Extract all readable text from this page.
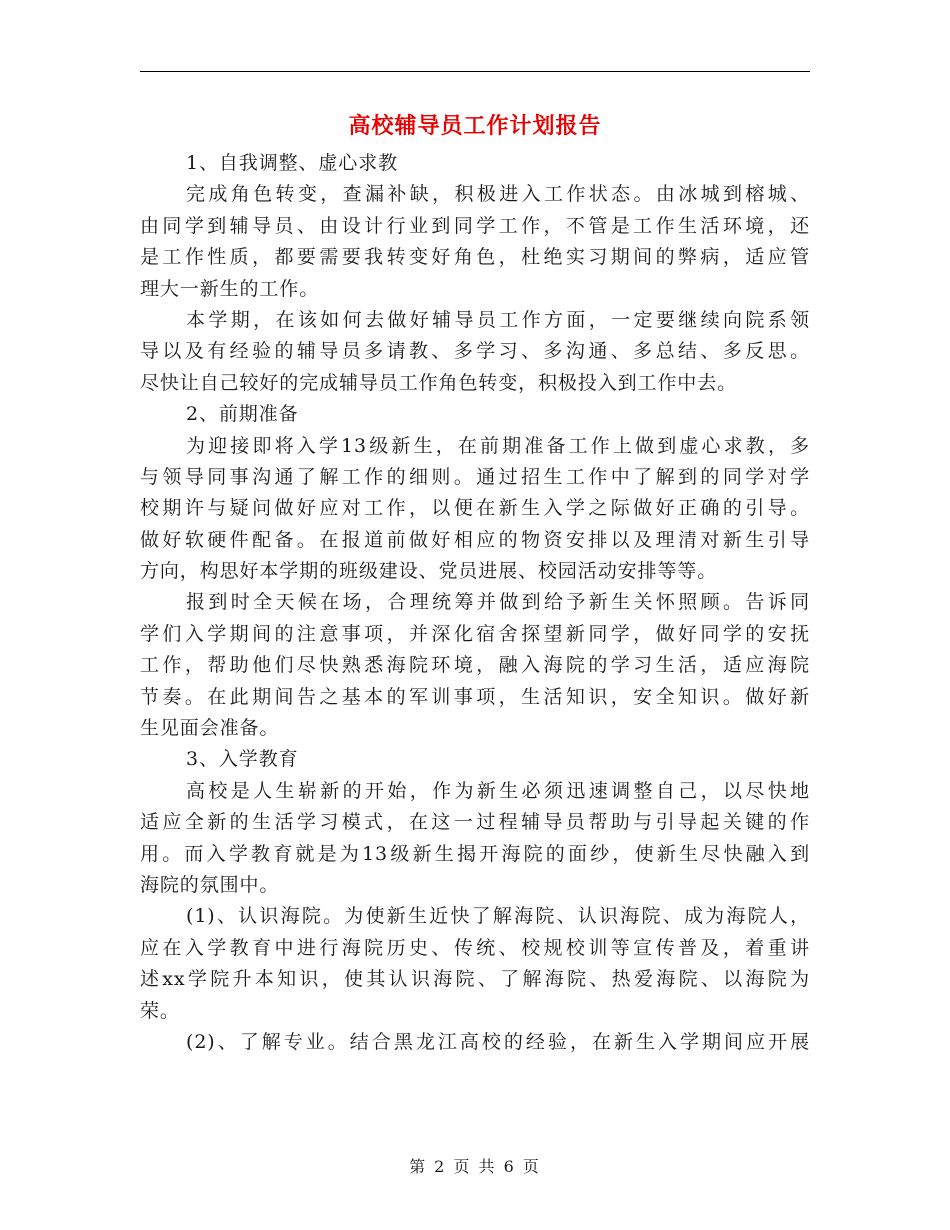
高校辅导员工作计划报告
1、自我调整、虚心求教
完成角色转变，查漏补缺，积极进入工作状态。由冰城到榕城、
由同学到辅导员、由设计行业到同学工作，不管是工作生活环境，还
是工作性质，都要需要我转变好角色，杜绝实习期间的弊病，适应管
理大一新生的工作。
本学期，在该如何去做好辅导员工作方面，一定要继续向院系领
导以及有经验的辅导员多请教、多学习、多沟通、多总结、多反思。
尽快让自己较好的完成辅导员工作角色转变，积极投入到工作中去。
2、前期准备
为迎接即将入学13级新生，在前期准备工作上做到虚心求教，多
与领导同事沟通了解工作的细则。通过招生工作中了解到的同学对学
校期许与疑问做好应对工作，以便在新生入学之际做好正确的引导。
做好软硬件配备。在报道前做好相应的物资安排以及理清对新生引导
方向，构思好本学期的班级建设、党员进展、校园活动安排等等。
报到时全天候在场，合理统筹并做到给予新生关怀照顾。告诉同
学们入学期间的注意事项，并深化宿舍探望新同学，做好同学的安抚
工作，帮助他们尽快熟悉海院环境，融入海院的学习生活，适应海院
节奏。在此期间告之基本的军训事项，生活知识，安全知识。做好新
生见面会准备。
3、入学教育
高校是人生崭新的开始，作为新生必须迅速调整自己，以尽快地
适应全新的生活学习模式，在这一过程辅导员帮助与引导起关键的作
用。而入学教育就是为13级新生揭开海院的面纱，使新生尽快融入到
海院的氛围中。
(1)、认识海院。为使新生近快了解海院、认识海院、成为海院人，
应在入学教育中进行海院历史、传统、校规校训等宣传普及，着重讲
述xx学院升本知识，使其认识海院、了解海院、热爱海院、以海院为
荣。
(2)、了解专业。结合黑龙江高校的经验，在新生入学期间应开展
第 2 页 共 6 页
